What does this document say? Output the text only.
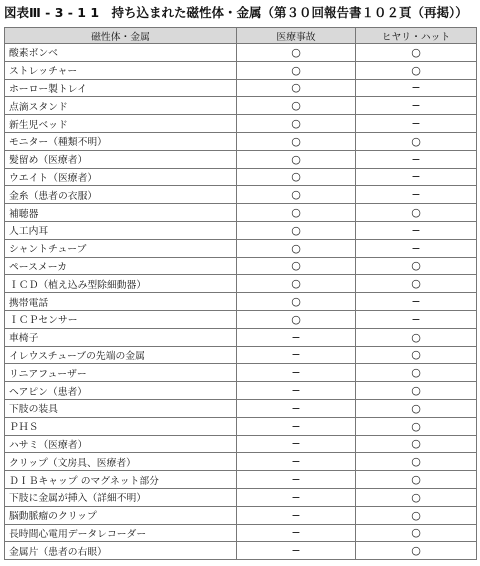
図表Ⅲ - 3 - 1 1　持ち込まれた磁性体・金属（第３０回報告書１０２頁（再掲））
磁性体・金属	医療事故	ヒヤリ・ハット
酸素ボンベ	○	○
ストレッチャー	○	○
ホーロー製トレイ	○	−
点滴スタンド	○	−
新生児ベッド	○	−
モニター（種類不明）	○	○
髪留め（医療者）	○	−
ウエイト（医療者）	○	−
金糸（患者の衣服）	○	−
補聴器	○	○
人工内耳	○	−
シャントチューブ	○	−
ペースメーカ	○	○
ＩＣＤ（植え込み型除細動器）	○	○
携帯電話	○	−
ＩＣＰセンサー	○	−
車椅子	−	○
イレウスチューブの先端の金属	−	○
リニアフューザー	−	○
ヘアピン（患者）	−	○
下肢の装具	−	○
ＰＨＳ	−	○
ハサミ（医療者）	−	○
クリップ（文房具、医療者）	−	○
ＤＩＢキャップ のマグネット部分	−	○
下肢に金属が挿入（詳細不明）	−	○
脳動脈瘤のクリップ	−	○
長時間心電用データレコーダー	−	○
金属片（患者の右眼）	−	○
